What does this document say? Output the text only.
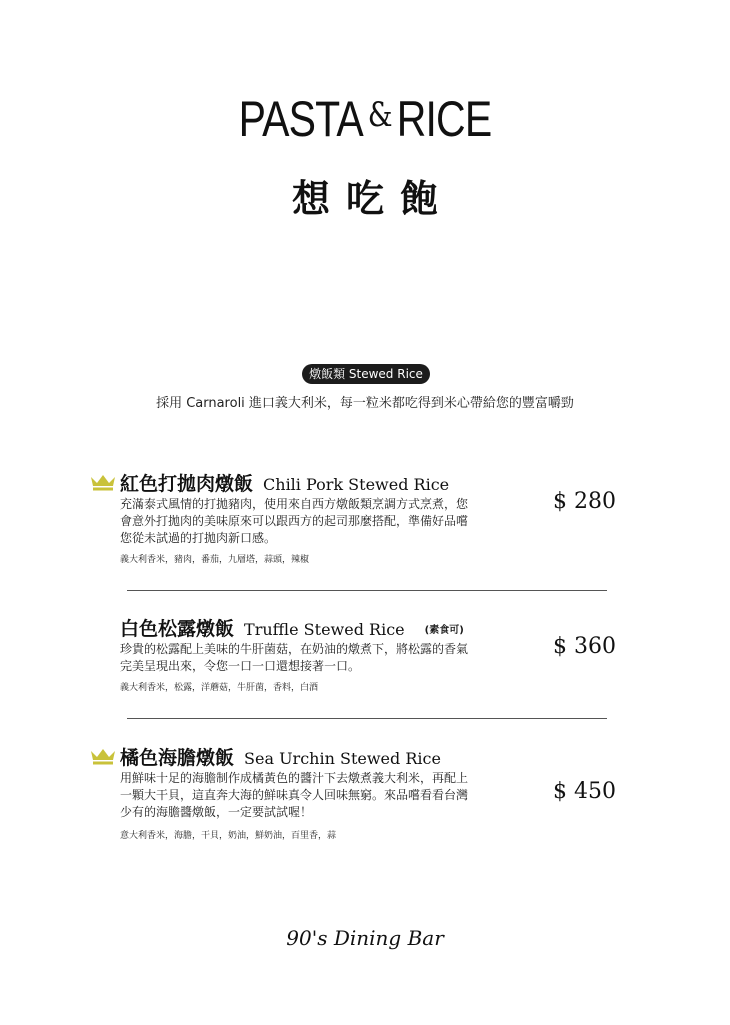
PASTA &RICE
想吃飽
燉飯類 Stewed Rice
採用 Carnaroli 進口義大利米，每一粒米都吃得到米心帶給您的豐富嚼勁
紅色打拋肉燉飯 Chili Pork Stewed Rice
充滿泰式風情的打拋豬肉，使用來自西方燉飯類烹調方式烹煮，您會意外打拋肉的美味原來可以跟西方的起司那麼搭配，準備好品嚐您從未試過的打拋肉新口感。
義大利香米，豬肉，番茄，九層塔，蒜頭，辣椒
$ 280
白色松露燉飯 Truffle Stewed Rice (素食可)
珍貴的松露配上美味的牛肝菌菇，在奶油的燉煮下，將松露的香氣完美呈現出來，令您一口一口還想接著一口。
義大利香米，松露，洋蘑菇，牛肝菌，香料，白酒
$ 360
橘色海膽燉飯 Sea Urchin Stewed Rice
用鮮味十足的海膽制作成橘黃色的醬汁下去燉煮義大利米，再配上一顆大干貝，這直奔大海的鮮味真令人回味無窮。來品嚐看看台灣少有的海膽醬燉飯，一定要試試喔！
意大利香米，海膽，干貝，奶油，鮮奶油，百里香，蒜
$ 450
90's Dining Bar
